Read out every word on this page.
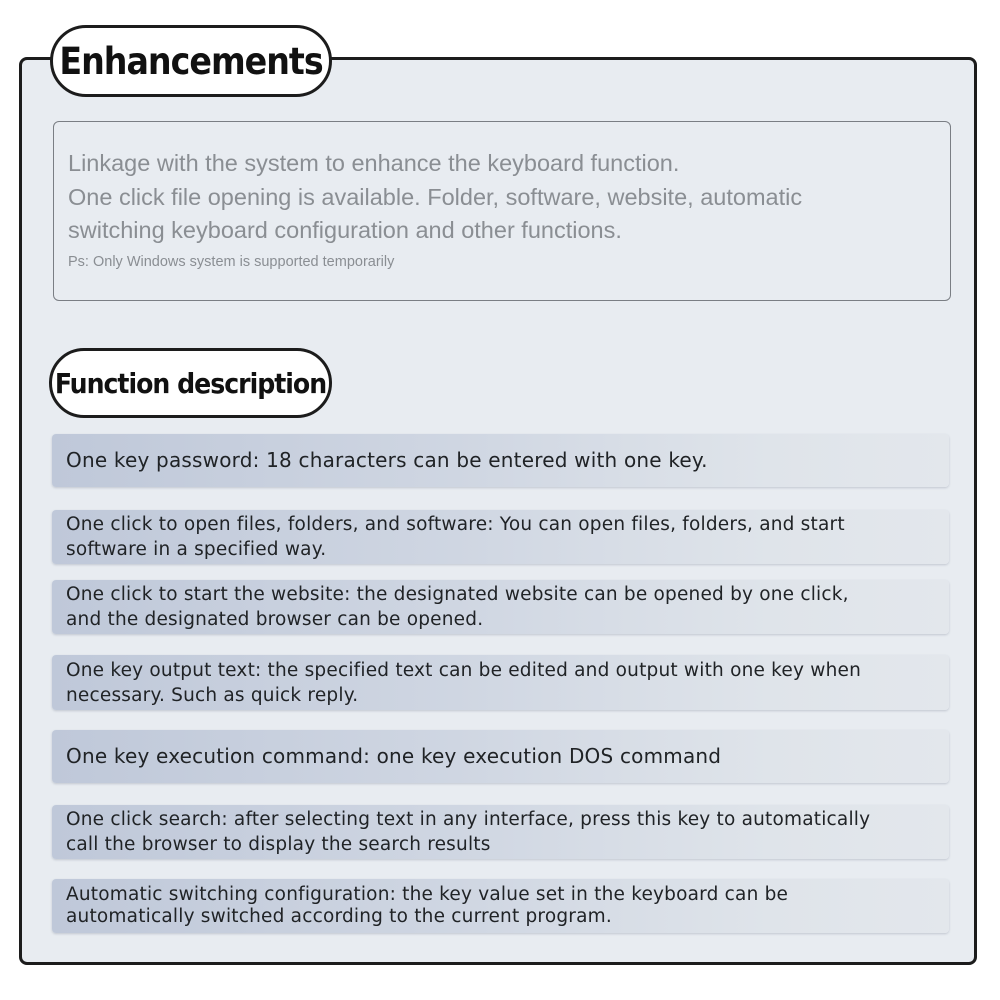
Enhancements
Linkage with the system to enhance the keyboard function.
One click file opening is available. Folder, software, website, automatic
switching keyboard configuration and other functions.
Ps: Only Windows system is supported temporarily
Function description
One key password: 18 characters can be entered with one key.
One click to open files, folders, and software: You can open files, folders, and start
software in a specified way.
One click to start the website: the designated website can be opened by one click,
and the designated browser can be opened.
One key output text: the specified text can be edited and output with one key when
necessary. Such as quick reply.
One key execution command: one key execution DOS command
One click search: after selecting text in any interface, press this key to automatically
call the browser to display the search results
Automatic switching configuration: the key value set in the keyboard can be
automatically switched according to the current program.
